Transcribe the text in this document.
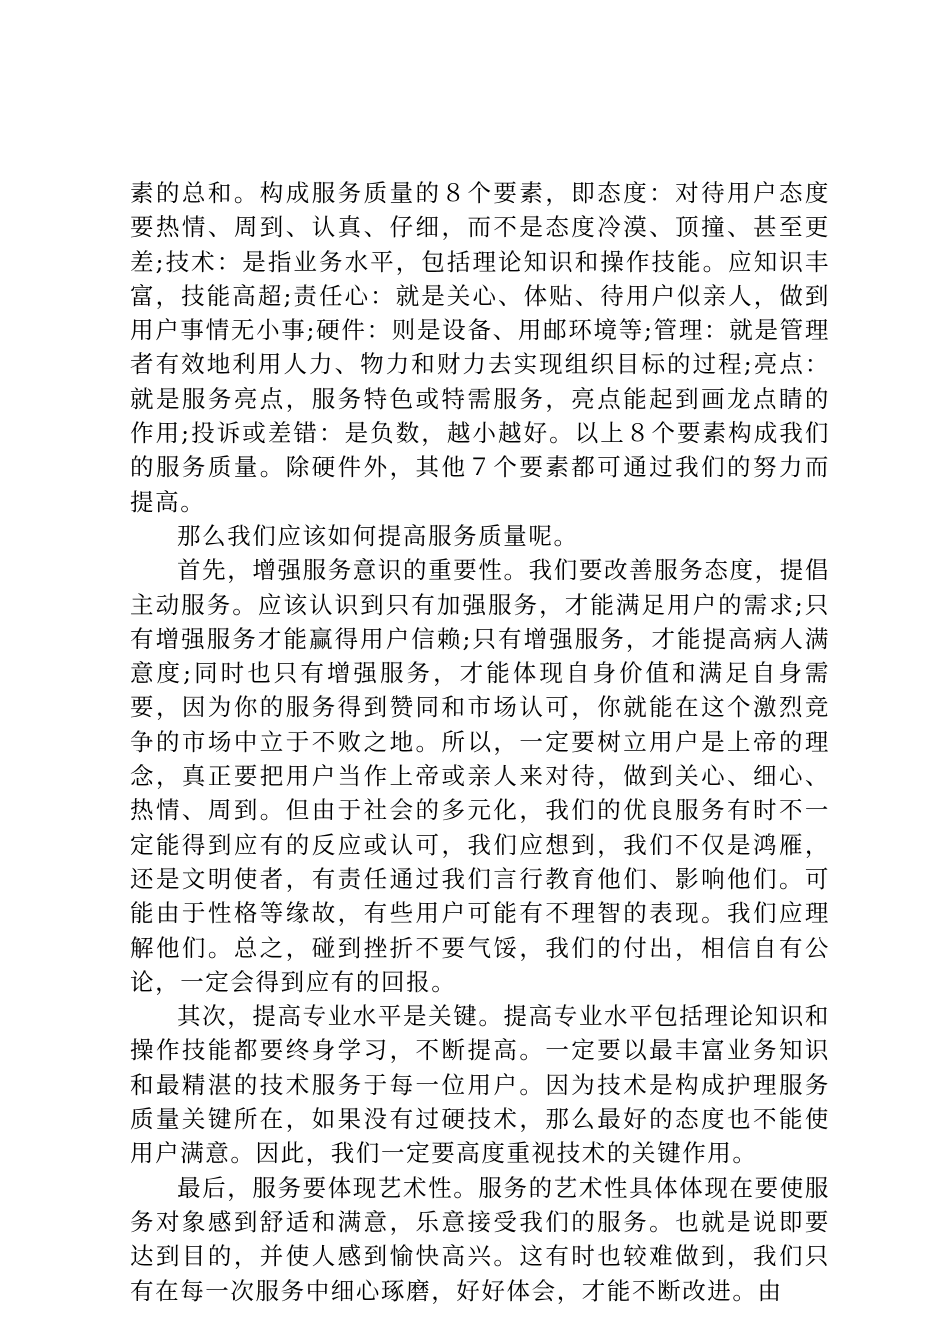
素的总和。构成服务质量的８个要素，即态度：对待用户态度要热情、周到、认真、仔细，而不是态度冷漠、顶撞、甚至更差;技术：是指业务水平，包括理论知识和操作技能。应知识丰富，技能高超;责任心：就是关心、体贴、待用户似亲人，做到用户事情无小事;硬件：则是设备、用邮环境等;管理：就是管理者有效地利用人力、物力和财力去实现组织目标的过程;亮点：就是服务亮点，服务特色或特需服务，亮点能起到画龙点睛的作用;投诉或差错：是负数，越小越好。以上８个要素构成我们的服务质量。除硬件外，其他７个要素都可通过我们的努力而提高。

那么我们应该如何提高服务质量呢。

首先，增强服务意识的重要性。我们要改善服务态度，提倡主动服务。应该认识到只有加强服务，才能满足用户的需求;只有增强服务才能赢得用户信赖;只有增强服务，才能提高病人满意度;同时也只有增强服务，才能体现自身价值和满足自身需要，因为你的服务得到赞同和市场认可，你就能在这个激烈竞争的市场中立于不败之地。所以，一定要树立用户是上帝的理念，真正要把用户当作上帝或亲人来对待，做到关心、细心、热情、周到。但由于社会的多元化，我们的优良服务有时不一定能得到应有的反应或认可，我们应想到，我们不仅是鸿雁，还是文明使者，有责任通过我们言行教育他们、影响他们。可能由于性格等缘故，有些用户可能有不理智的表现。我们应理解他们。总之，碰到挫折不要气馁，我们的付出，相信自有公论，一定会得到应有的回报。

其次，提高专业水平是关键。提高专业水平包括理论知识和操作技能都要终身学习，不断提高。一定要以最丰富业务知识和最精湛的技术服务于每一位用户。因为技术是构成护理服务质量关键所在，如果没有过硬技术，那么最好的态度也不能使用户满意。因此，我们一定要高度重视技术的关键作用。

最后，服务要体现艺术性。服务的艺术性具体体现在要使服务对象感到舒适和满意，乐意接受我们的服务。也就是说即要达到目的，并使人感到愉快高兴。这有时也较难做到，我们只有在每一次服务中细心琢磨，好好体会，才能不断改进。由
